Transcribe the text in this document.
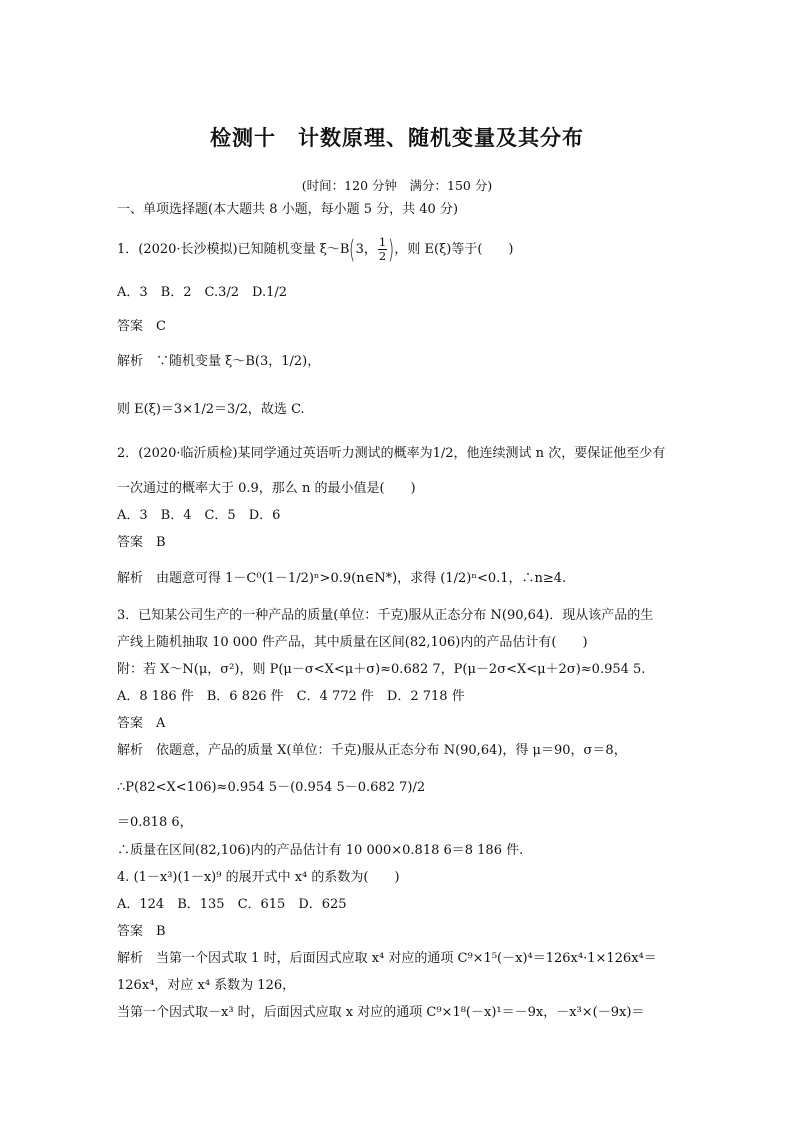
检测十　计数原理、随机变量及其分布
(时间：120 分钟　满分：150 分)
一、单项选择题(本大题共 8 小题，每小题 5 分，共 40 分)
1．(2020·长沙模拟)已知随机变量 ξ～B(3， $\frac{1}{2}$ )，则 E(ξ)等于(　　)
A．3　B．2　C.3/2　D.1/2
答案　 C
解析　 ∵随机变量 ξ～B(3，1/2)，
则 E(ξ)＝3×1/2＝3/2，故选 C.
2．(2020·临沂质检)某同学通过英语听力测试的概率为1/2，他连续测试 n 次，要保证他至少有
一次通过的概率大于 0.9，那么 n 的最小值是(　　)
A．3　B．4　C．5　D．6
答案　 B
解析　 由题意可得 1－C⁰(1－1/2)ⁿ>0.9(n∈N*)，求得 (1/2)ⁿ<0.1，∴n≥4.
3．已知某公司生产的一种产品的质量(单位：千克)服从正态分布 N(90,64)．现从该产品的生
产线上随机抽取 10 000 件产品，其中质量在区间(82,106)内的产品估计有(　　)
附：若 X～N(μ，σ²)，则 P(μ－σ<X<μ＋σ)≈0.682 7，P(μ－2σ<X<μ＋2σ)≈0.954 5.
A．8 186 件　B．6 826 件　C．4 772 件　D．2 718 件
答案　 A
解析　 依题意，产品的质量 X(单位：千克)服从正态分布 N(90,64)，得 μ＝90，σ＝8，
∴P(82<X<106)≈0.954 5－(0.954 5－0.682 7)/2
＝0.818 6，
∴质量在区间(82,106)内的产品估计有 10 000×0.818 6＝8 186 件.
4. (1－x³)(1－x)⁹ 的展开式中 x⁴ 的系数为(　　)
A．124　B．135　C．615　D．625
答案　 B
解析　 当第一个因式取 1 时，后面因式应取 x⁴ 对应的通项 C⁹×1⁵(－x)⁴＝126x⁴·1×126x⁴＝
126x⁴，对应 x⁴ 系数为 126，
当第一个因式取－x³ 时，后面因式应取 x 对应的通项 C⁹×1⁸(－x)¹＝－9x，－x³×(－9x)＝
